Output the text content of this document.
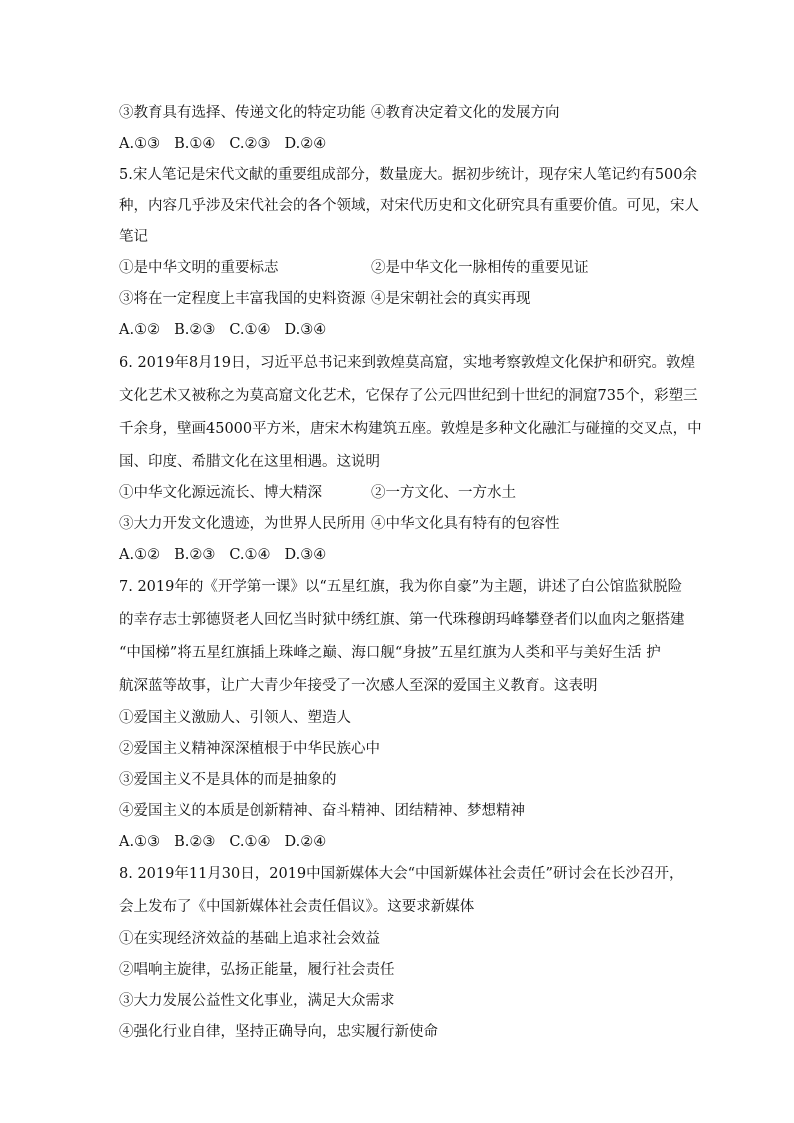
③教育具有选择、传递文化的特定功能 ④教育决定着文化的发展方向
A.①③ B.①④ C.②③ D.②④
5.宋人笔记是宋代文献的重要组成部分，数量庞大。据初步统计，现存宋人笔记约有500余
种，内容几乎涉及宋代社会的各个领域，对宋代历史和文化研究具有重要价值。可见，宋人
笔记
①是中华文明的重要标志	②是中华文化一脉相传的重要见证
③将在一定程度上丰富我国的史料资源 ④是宋朝社会的真实再现
A.①② B.②③ C.①④ D.③④
6. 2019年8月19日，习近平总书记来到敦煌莫高窟，实地考察敦煌文化保护和研究。敦煌
文化艺术又被称之为莫高窟文化艺术，它保存了公元四世纪到十世纪的洞窟735个，彩塑三
千余身，壁画45000平方米，唐宋木构建筑五座。敦煌是多种文化融汇与碰撞的交叉点，中
国、印度、希腊文化在这里相遇。这说明
①中华文化源远流长、博大精深	②一方文化、一方水土
③大力开发文化遗迹，为世界人民所用 ④中华文化具有特有的包容性
A.①② B.②③ C.①④ D.③④
7. 2019年的《开学第一课》以“五星红旗，我为你自豪”为主题，讲述了白公馆监狱脱险
的幸存志士郭德贤老人回忆当时狱中绣红旗、第一代珠穆朗玛峰攀登者们以血肉之躯搭建
“中国梯”将五星红旗插上珠峰之巅、海口舰“身披”五星红旗为人类和平与美好生活 护
航深蓝等故事，让广大青少年接受了一次感人至深的爱国主义教育。这表明
①爱国主义激励人、引领人、塑造人
②爱国主义精神深深植根于中华民族心中
③爱国主义不是具体的而是抽象的
④爱国主义的本质是创新精神、奋斗精神、团结精神、梦想精神
A.①③ B.②③ C.①④ D.②④
8. 2019年11月30日，2019中国新媒体大会“中国新媒体社会责任”研讨会在长沙召开，
会上发布了《中国新媒体社会责任倡议》。这要求新媒体
①在实现经济效益的基础上追求社会效益
②唱响主旋律，弘扬正能量，履行社会责任
③大力发展公益性文化事业，满足大众需求
④强化行业自律，坚持正确导向，忠实履行新使命
